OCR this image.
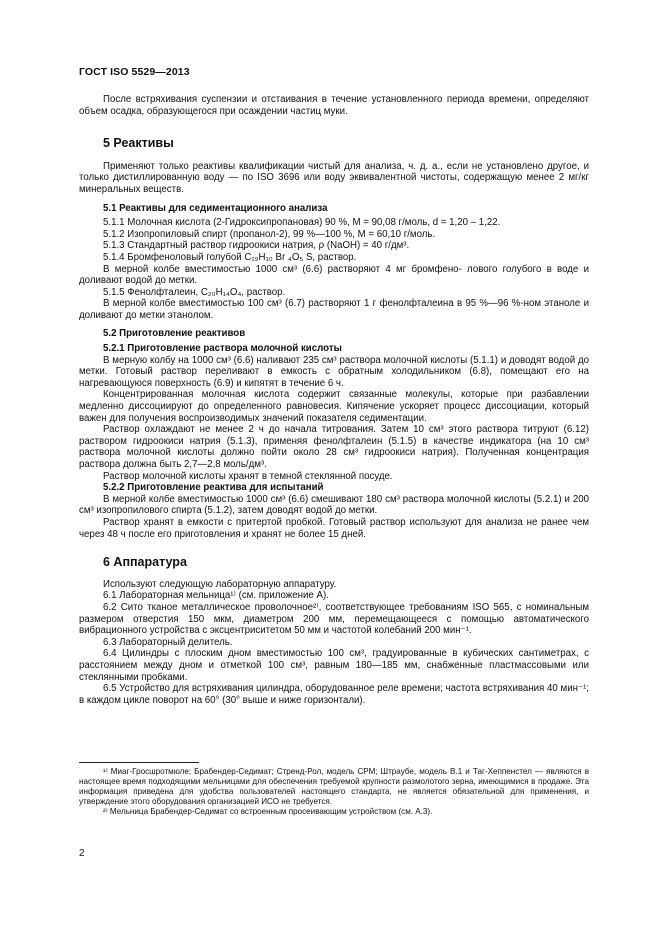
ГОСТ ISO 5529—2013

После встряхивания суспензии и отстаивания в течение установленного периода времени, определяют объем осадка, образующегося при осаждении частиц муки.

5 Реактивы

Применяют только реактивы квалификации чистый для анализа, ч. д. а., если не установлено другое, и только дистиллированную воду — по ISO 3696 или воду эквивалентной чистоты, содержащую менее 2 мг/кг минеральных веществ.

5.1 Реактивы для седиментационного анализа

5.1.1 Молочная кислота (2-Гидроксипропановая) 90 %, М = 90,08 г/моль, d = 1,20 – 1,22.

5.1.2 Изопропиловый спирт (пропанол-2), 99 %—100 %, М = 60,10 г/моль.

5.1.3 Стандартный раствор гидроокиси натрия, ρ (NaOH) = 40 г/дм³.

5.1.4 Бромфеноловый голубой C₁₉H₁₀ Br ₄O₅ S, раствор.

В мерной колбе вместимостью 1000 см³ (6.6) растворяют 4 мг бромфено- лового голубого в воде и доливают водой до метки.

5.1.5 Фенолфталеин, C₂₀H₁₄O₄, раствор.

В мерной колбе вместимостью 100 см³ (6.7) растворяют 1 г фенолфталеина в 95 %—96 %-ном этаноле и доливают до метки этанолом.

5.2 Приготовление реактивов
5.2.1 Приготовление раствора молочной кислоты

В мерную колбу на 1000 см³ (6.6) наливают 235 см³ раствора молочной кислоты (5.1.1) и доводят водой до метки. Готовый раствор переливают в емкость с обратным холодильником (6.8), помещают его на нагревающуюся поверхность (6.9) и кипятят в течение 6 ч.

Концентрированная молочная кислота содержит связанные молекулы, которые при разбавлении медленно диссоциируют до определенного равновесия. Кипячение ускоряет процесс диссоциации, который важен для получения воспроизводимых значений показателя седиментации.

Раствор охлаждают не менее 2 ч до начала титрования. Затем 10 см³ этого раствора титруют (6.12) раствором гидроокиси натрия (5.1.3), применяя фенолфталеин (5.1.5) в качестве индикатора (на 10 см³ раствора молочной кислоты должно пойти около 28 см³ гидроокиси натрия). Полученная концентрация раствора должна быть 2,7—2,8 моль/дм³.

Раствор молочной кислоты хранят в темной стеклянной посуде.

5.2.2 Приготовление реактива для испытаний

В мерной колбе вместимостью 1000 см³ (6.6) смешивают 180 см³ раствора молочной кислоты (5.2.1) и 200 см³ изопропилового спирта (5.1.2), затем доводят водой до метки.

Раствор хранят в емкости с притертой пробкой. Готовый раствор используют для анализа не ранее чем через 48 ч после его приготовления и хранят не более 15 дней.

6 Аппаратура

Используют следующую лабораторную аппаратуру.

6.1 Лабораторная мельница¹⁾ (см. приложение А).

6.2 Сито тканое металлическое проволочное²⁾, соответствующее требованиям ISO 565, с номинальным размером отверстия 150 мкм, диаметром 200 мм, перемещающееся с помощью автоматического вибрационного устройства с эксцентриситетом 50 мм и частотой колебаний 200 мин⁻¹.

6.3 Лабораторный делитель.

6.4 Цилиндры с плоским дном вместимостью 100 см³, градуированные в кубических сантиметрах, с расстоянием между дном и отметкой 100 см³, равным 180—185 мм, снабженные пластмассовыми или стеклянными пробками.

6.5 Устройство для встряхивания цилиндра, оборудованное реле времени; частота встряхивания 40 мин⁻¹; в каждом цикле поворот на 60° (30° выше и ниже горизонтали).

¹⁾ Миаг-Гросшротмюле; Брабендер-Седимат; Стренд-Рол, модель СРМ; Штраубе, модель В.1 и Таг-Хеппенстел — являются в настоящее время подходящими мельницами для обеспечения требуемой крупности размолотого зерна, имеющимися в продаже. Эта информация приведена для удобства пользователей настоящего стандарта, не является обязательной для применения, и утверждение этого оборудования организацией ИСО не требуется.

²⁾ Мельница Брабендер-Седимат со встроенным просеивающим устройством (см. А.3).

2
